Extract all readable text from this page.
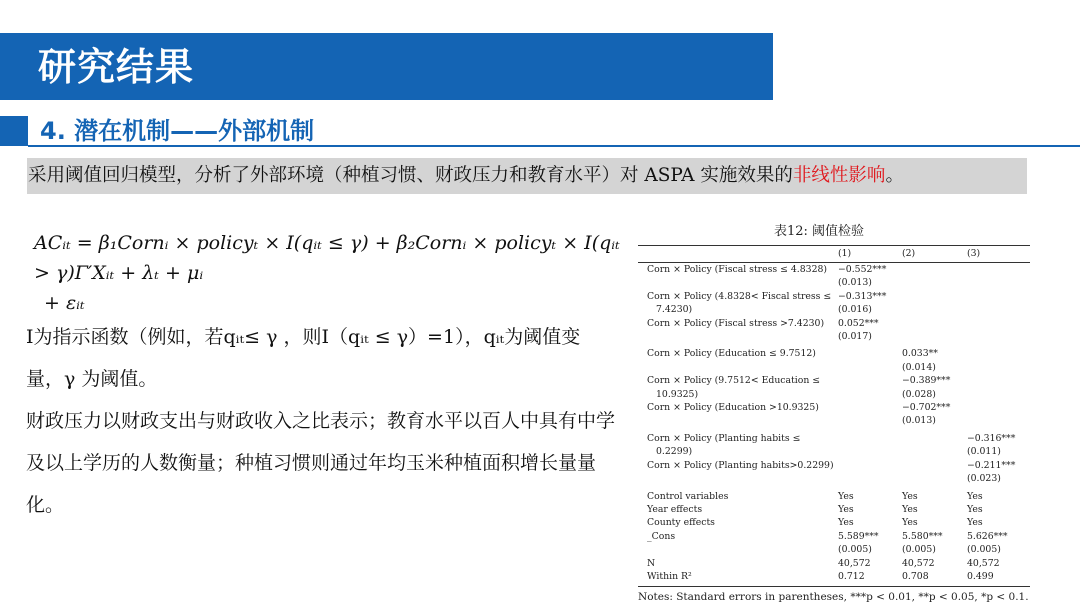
研究结果
4. 潜在机制——外部机制
采用阈值回归模型，分析了外部环境（种植习惯、财政压力和教育水平）对 ASPA 实施效果的非线性影响。
ACᵢₜ = β₁Cornᵢ × policyₜ × I(qᵢₜ ≤ γ) + β₂Cornᵢ × policyₜ × I(qᵢₜ > γ)Γ′Xᵢₜ + λₜ + μᵢ
+ εᵢₜ

I为指示函数（例如，若qᵢₜ≤ γ ，则I（qᵢₜ ≤ γ）=1），qᵢₜ为阈值变量，γ 为阈值。

财政压力以财政支出与财政收入之比表示；教育水平以百人中具有中学及以上学历的人数衡量；种植习惯则通过年均玉米种植面积增长量量化。

表12: 阈值检验
	(1)	(2)	(3)
Corn × Policy (Fiscal stress ≤ 4.8328)	−0.552***		
	(0.013)		
Corn × Policy (4.8328< Fiscal stress ≤	−0.313***		
7.4230)	(0.016)		
Corn × Policy (Fiscal stress >7.4230)	0.052***		
	(0.017)		
Corn × Policy (Education ≤ 9.7512)		0.033**	
		(0.014)	
Corn × Policy (9.7512< Education ≤		−0.389***	
10.9325)		(0.028)	
Corn × Policy (Education >10.9325)		−0.702***	
		(0.013)	
Corn × Policy (Planting habits ≤			−0.316***
0.2299)			(0.011)
Corn × Policy (Planting habits>0.2299)			−0.211***
			(0.023)
Control variables	Yes	Yes	Yes
Year effects	Yes	Yes	Yes
County effects	Yes	Yes	Yes
_Cons	5.589***	5.580***	5.626***
	(0.005)	(0.005)	(0.005)
N	40,572	40,572	40,572
Within R²	0.712	0.708	0.499
Notes: Standard errors in parentheses, ***p < 0.01, **p < 0.05, *p < 0.1.
